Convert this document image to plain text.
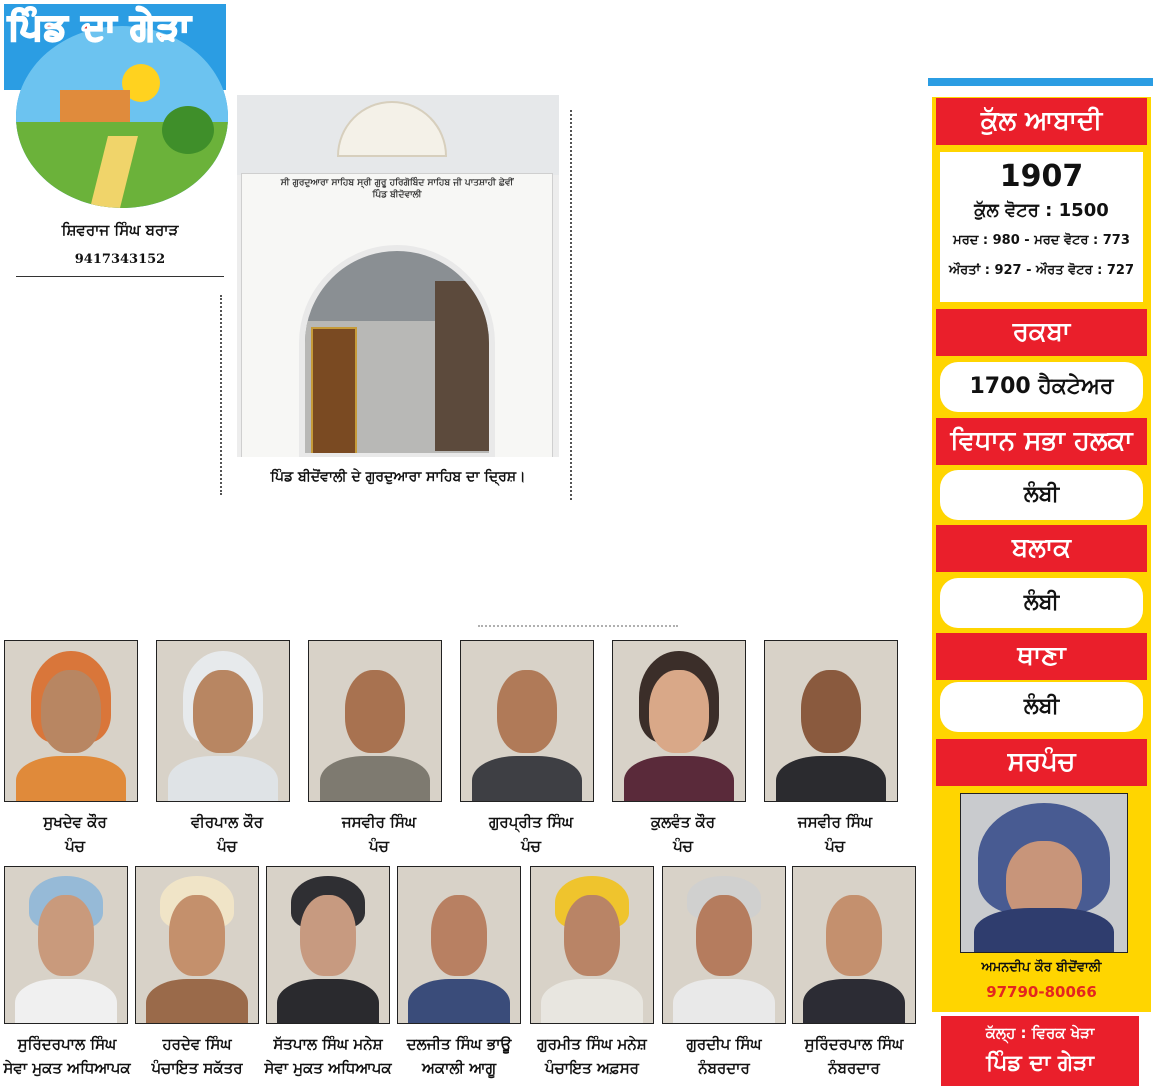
ਪਿੰਡ ਦਾ ਗੇੜਾ
ਸ਼ਿਵਰਾਜ ਸਿੰਘ ਬਰਾੜ
9417343152
ਸੀ ਗੁਰਦੁਆਰਾ ਸਾਹਿਬ ਸ੍ਰੀ ਗੁਰੂ ਹਰਿਗੋਬਿੰਦ ਸਾਹਿਬ ਜੀ ਪਾਤਸ਼ਾਹੀ ਛੇਵੀਂ
ਪਿੰਡ ਬੀਦੋਵਾਲੀ
ਪਿੰਡ ਬੀਦੋਂਵਾਲੀ ਦੇ ਗੁਰਦੁਆਰਾ ਸਾਹਿਬ ਦਾ ਦ੍ਰਿਸ਼।
ਸੁਖਦੇਵ ਕੌਰ
ਪੰਚ
ਵੀਰਪਾਲ ਕੌਰ
ਪੰਚ
ਜਸਵੀਰ ਸਿੰਘ
ਪੰਚ
ਗੁਰਪ੍ਰੀਤ ਸਿੰਘ
ਪੰਚ
ਕੁਲਵੰਤ ਕੌਰ
ਪੰਚ
ਜਸਵੀਰ ਸਿੰਘ
ਪੰਚ
ਸੁਰਿੰਦਰਪਾਲ ਸਿੰਘ
ਸੇਵਾ ਮੁਕਤ ਅਧਿਆਪਕ
ਹਰਦੇਵ ਸਿੰਘ
ਪੰਚਾਇਤ ਸਕੱਤਰ
ਸੱਤਪਾਲ ਸਿੰਘ ਮਨੇਸ਼
ਸੇਵਾ ਮੁਕਤ ਅਧਿਆਪਕ
ਦਲਜੀਤ ਸਿੰਘ ਭਾਊ
ਅਕਾਲੀ ਆਗੂ
ਗੁਰਮੀਤ ਸਿੰਘ ਮਨੇਸ਼
ਪੰਚਾਇਤ ਅਫ਼ਸਰ
ਗੁਰਦੀਪ ਸਿੰਘ
ਨੰਬਰਦਾਰ
ਸੁਰਿੰਦਰਪਾਲ ਸਿੰਘ
ਨੰਬਰਦਾਰ
ਕੁੱਲ ਆਬਾਦੀ
1907
ਕੁੱਲ ਵੋਟਰ : 1500
ਮਰਦ : 980 - ਮਰਦ ਵੋਟਰ : 773
ਔਰਤਾਂ : 927 - ਔਰਤ ਵੋਟਰ : 727
ਰਕਬਾ
1700 ਹੈਕਟੇਅਰ
ਵਿਧਾਨ ਸਭਾ ਹਲਕਾ
ਲੰਬੀ
ਬਲਾਕ
ਲੰਬੀ
ਥਾਣਾ
ਲੰਬੀ
ਸਰਪੰਚ
ਅਮਨਦੀਪ ਕੌਰ ਬੀਦੋਂਵਾਲੀ
97790-80066
ਕੱਲ੍ਹ : ਵਿਰਕ ਖੇੜਾ
ਪਿੰਡ ਦਾ ਗੇੜਾ
